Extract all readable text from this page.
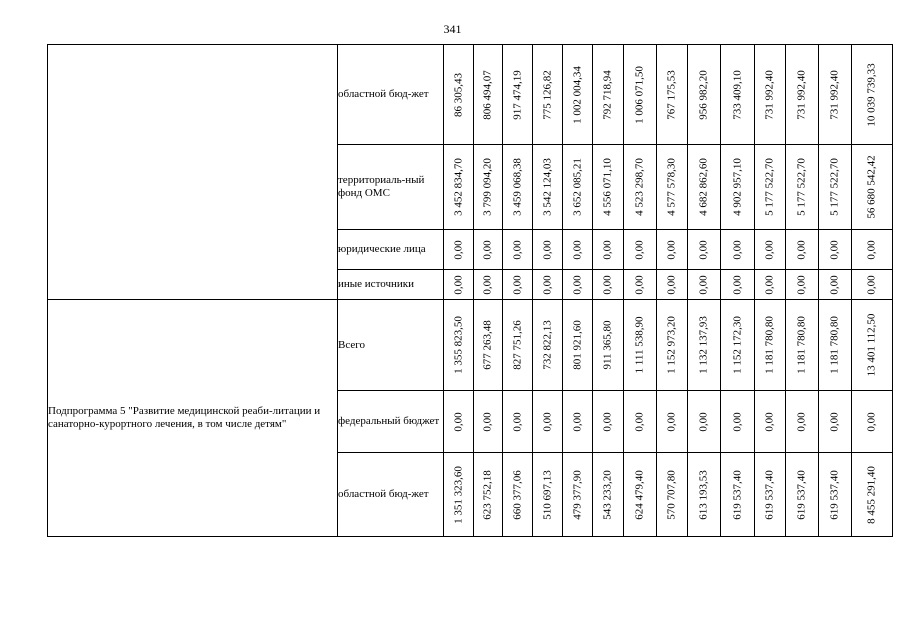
341
	областной бюд-жет	86 305,43	806 494,07	917 474,19	775 126,82	1 002 004,34	792 718,94	1 006 071,50	767 175,53	956 982,20	733 409,10	731 992,40	731 992,40	731 992,40	10 039 739,33

	территориаль-ный фонд ОМС	3 452 834,70	3 799 094,20	3 459 068,38	3 542 124,03	3 652 085,21	4 556 071,10	4 523 298,70	4 577 578,30	4 682 862,60	4 902 957,10	5 177 522,70	5 177 522,70	5 177 522,70	56 680 542,42

	юридические лица	0,00	0,00	0,00	0,00	0,00	0,00	0,00	0,00	0,00	0,00	0,00	0,00	0,00	0,00

	иные источники	0,00	0,00	0,00	0,00	0,00	0,00	0,00	0,00	0,00	0,00	0,00	0,00	0,00	0,00

Подпрограмма 5 "Развитие медицинской реаби-литации и санаторно-курортного лечения, в том числе детям"	Всего	1 355 823,50	677 263,48	827 751,26	732 822,13	801 921,60	911 365,80	1 111 538,90	1 152 973,20	1 132 137,93	1 152 172,30	1 181 780,80	1 181 780,80	1 181 780,80	13 401 112,50

	федеральный бюджет	0,00	0,00	0,00	0,00	0,00	0,00	0,00	0,00	0,00	0,00	0,00	0,00	0,00	0,00

	областной бюд-жет	1 351 323,60	623 752,18	660 377,06	510 697,13	479 377,90	543 233,20	624 479,40	570 707,80	613 193,53	619 537,40	619 537,40	619 537,40	619 537,40	8 455 291,40
